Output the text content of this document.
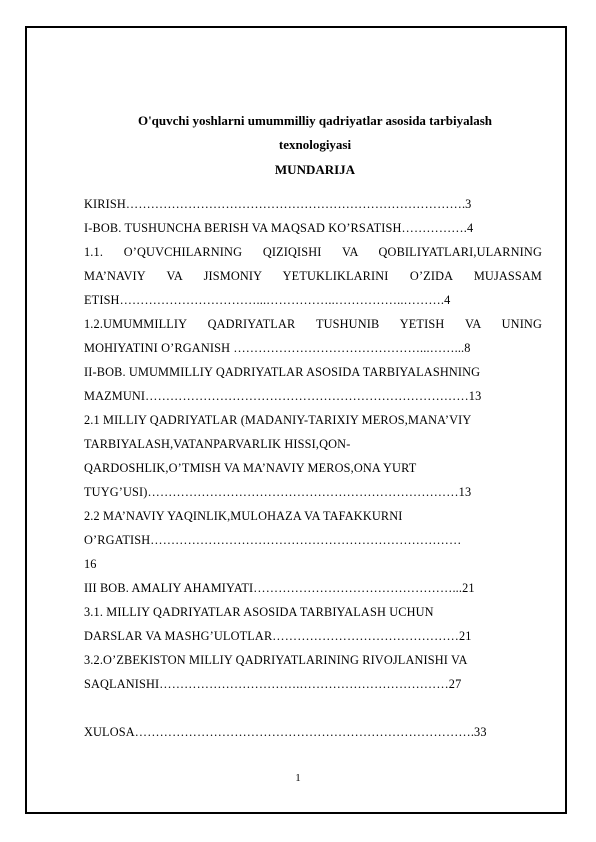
O'quvchi yoshlarni umummilliy qadriyatlar asosida tarbiyalash
texnologiyasi
MUNDARIJA
KIRISH……………………………………………………………………….3
I-BOB. TUSHUNCHA BERISH VA MAQSAD KO’RSATISH…………….4
1.1. O’QUVCHILARNING QIZIQISHI VA QOBILIYATLARI,ULARNING
MA’NAVIY VA JISMONIY YETUKLIKLARINI O’ZIDA MUJASSAM
ETISH……………………………...……………..……………..……….4
1.2.UMUMMILLIY QADRIYATLAR TUSHUNIB YETISH VA UNING
MOHIYATINI O’RGANISH ………………………………………...……...8
II-BOB. UMUMMILLIY QADRIYATLAR ASOSIDA TARBIYALASHNING
MAZMUNI……………………………………………………………………13
2.1 MILLIY QADRIYATLAR (MADANIY-TARIXIY MEROS,MANA’VIY
TARBIYALASH,VATANPARVARLIK HISSI,QON-
QARDOSHLIK,O’TMISH VA MA’NAVIY MEROS,ONA YURT
TUYG’USI)…………………………………………………………………13
2.2 MA’NAVIY YAQINLIK,MULOHAZA VA TAFAKKURNI
O’RGATISH…………………………………………………………………
16
III BOB. AMALIY AHAMIYATI…………………………………………...21
3.1. MILLIY QADRIYATLAR ASOSIDA TARBIYALASH UCHUN
DARSLAR VA MASHG’ULOTLAR………………………………………21
3.2.O’ZBEKISTON MILLIY QADRIYATLARINING RIVOJLANISHI VA
SAQLANISHI…………………………….………………………………27
XULOSA……………………………………………………………………….33
1
